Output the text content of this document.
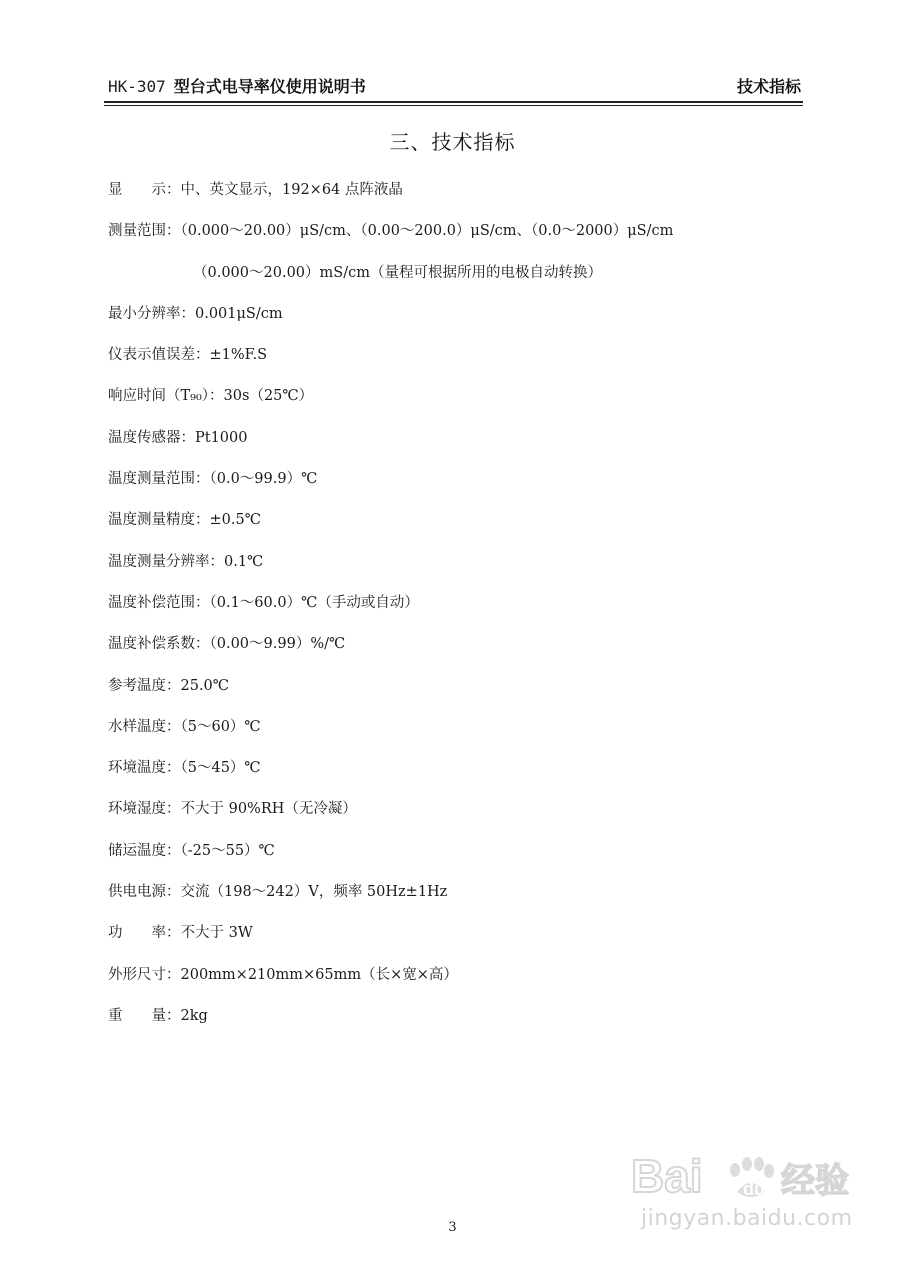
HK-307 型台式电导率仪使用说明书	技术指标
三、技术指标
显　　示：中、英文显示，192×64 点阵液晶
测量范围：（0.000～20.00）μS/cm、（0.00～200.0）μS/cm、（0.0～2000）μS/cm
（0.000～20.00）mS/cm（量程可根据所用的电极自动转换）
最小分辨率：0.001μS/cm
仪表示值误差：±1%F.S
响应时间（T₉₀）：30s（25℃）
温度传感器：Pt1000
温度测量范围：（0.0～99.9）℃
温度测量精度：±0.5℃
温度测量分辨率：0.1℃
温度补偿范围：（0.1～60.0）℃（手动或自动）
温度补偿系数：（0.00～9.99）%/℃
参考温度：25.0℃
水样温度：（5～60）℃
环境温度：（5～45）℃
环境湿度：不大于 90%RH（无冷凝）
储运温度：（-25～55）℃
供电电源：交流（198～242）V，频率 50Hz±1Hz
功　　率：不大于 3W
外形尺寸：200mm×210mm×65mm（长×宽×高）
重　　量：2kg
3
Bai du 经验
jingyan.baidu.com
